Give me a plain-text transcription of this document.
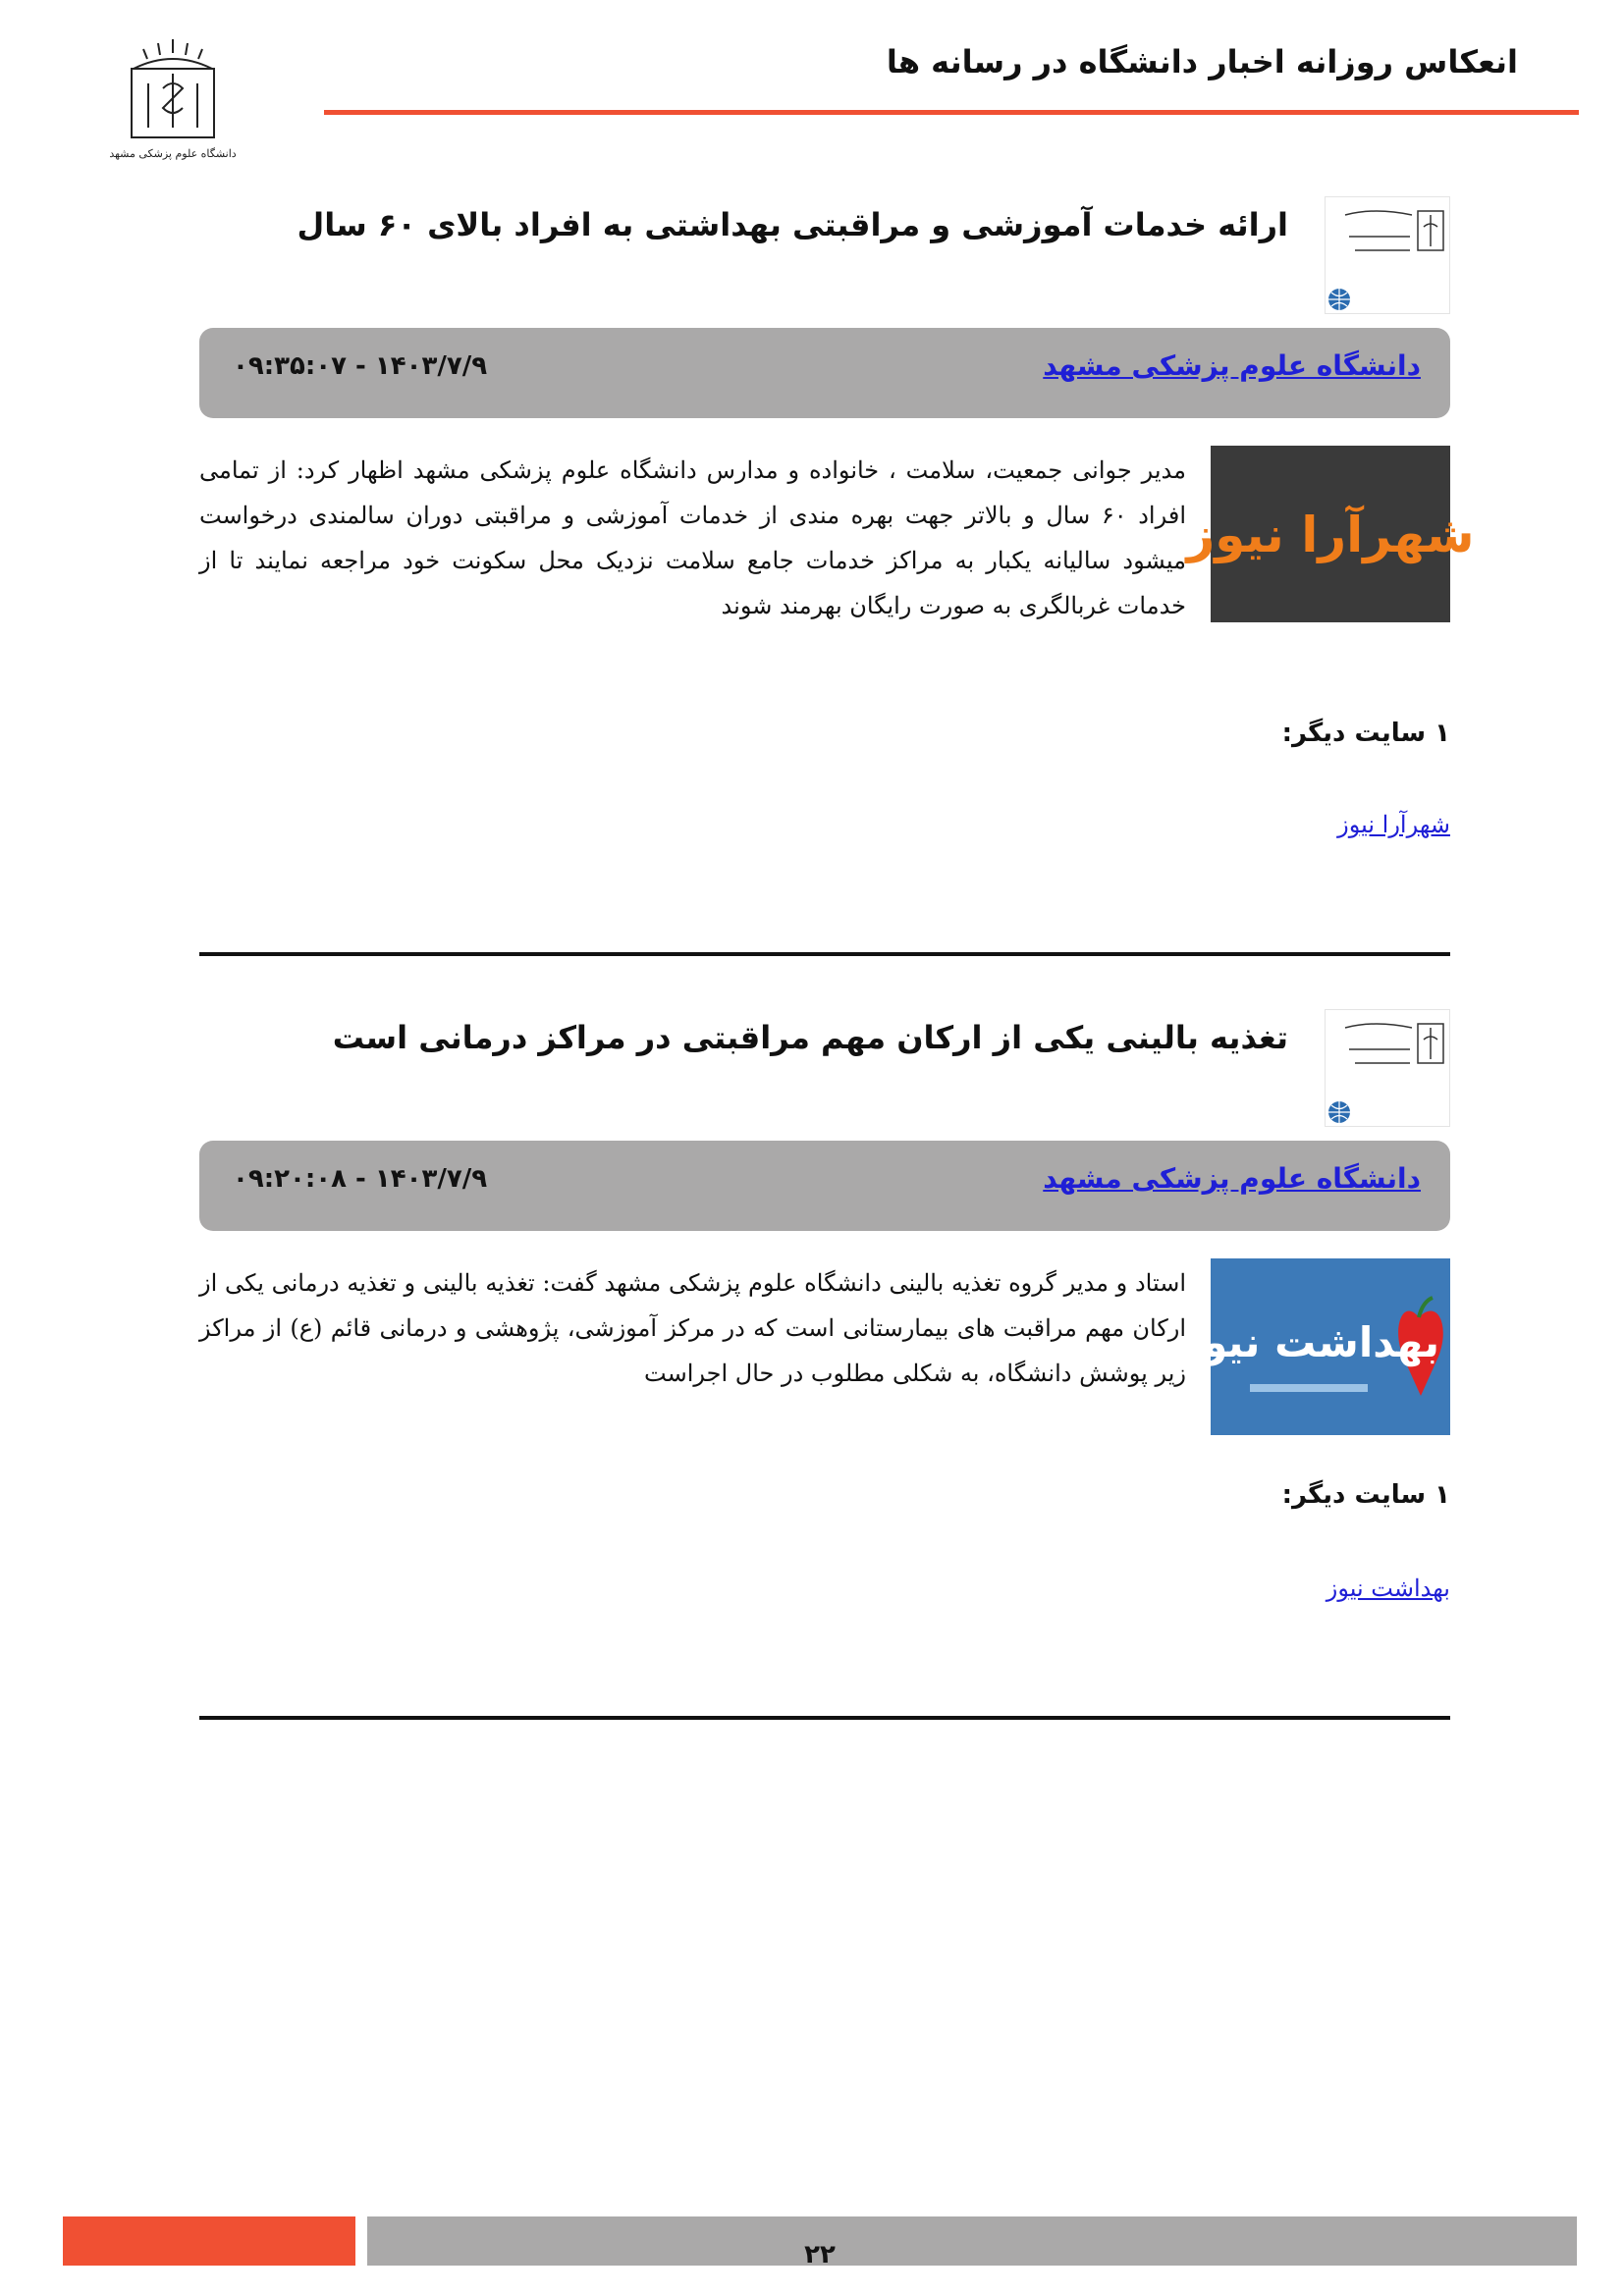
انعکاس روزانه اخبار دانشگاه در رسانه ها
دانشگاه علوم پزشکی مشهد
ارائه خدمات آموزشی و مراقبتی بهداشتی به افراد بالای ۶۰ سال
دانشگاه علوم پزشکی مشهد
۰۹:۳۵:۰۷ - ۱۴۰۳/۷/۹
شهرآرا نیوز
مدیر جوانی جمعیت، سلامت ، خانواده و مدارس دانشگاه علوم پزشکی مشهد اظهار کرد: از تمامی افراد ۶۰ سال و بالاتر جهت بهره مندی از خدمات آموزشی و مراقبتی دوران سالمندی درخواست میشود سالیانه یکبار به مراکز خدمات جامع سلامت نزدیک محل سکونت خود مراجعه نمایند تا از خدمات غربالگری به صورت رایگان بهرمند شوند
۱ سایت دیگر:
شهرآرا نیوز
تغذیه بالینی یکی از ارکان مهم مراقبتی در مراکز درمانی است
دانشگاه علوم پزشکی مشهد
۰۹:۲۰:۰۸ - ۱۴۰۳/۷/۹
بهداشت نیوز
استاد و مدیر گروه تغذیه بالینی دانشگاه علوم پزشکی مشهد گفت: تغذیه بالینی و تغذیه درمانی یکی از ارکان مهم مراقبت های بیمارستانی است که در مرکز آموزشی، پژوهشی و درمانی قائم (ع) از مراکز زیر پوشش دانشگاه، به شکلی مطلوب در حال اجراست
۱ سایت دیگر:
بهداشت نیوز
۲۲
